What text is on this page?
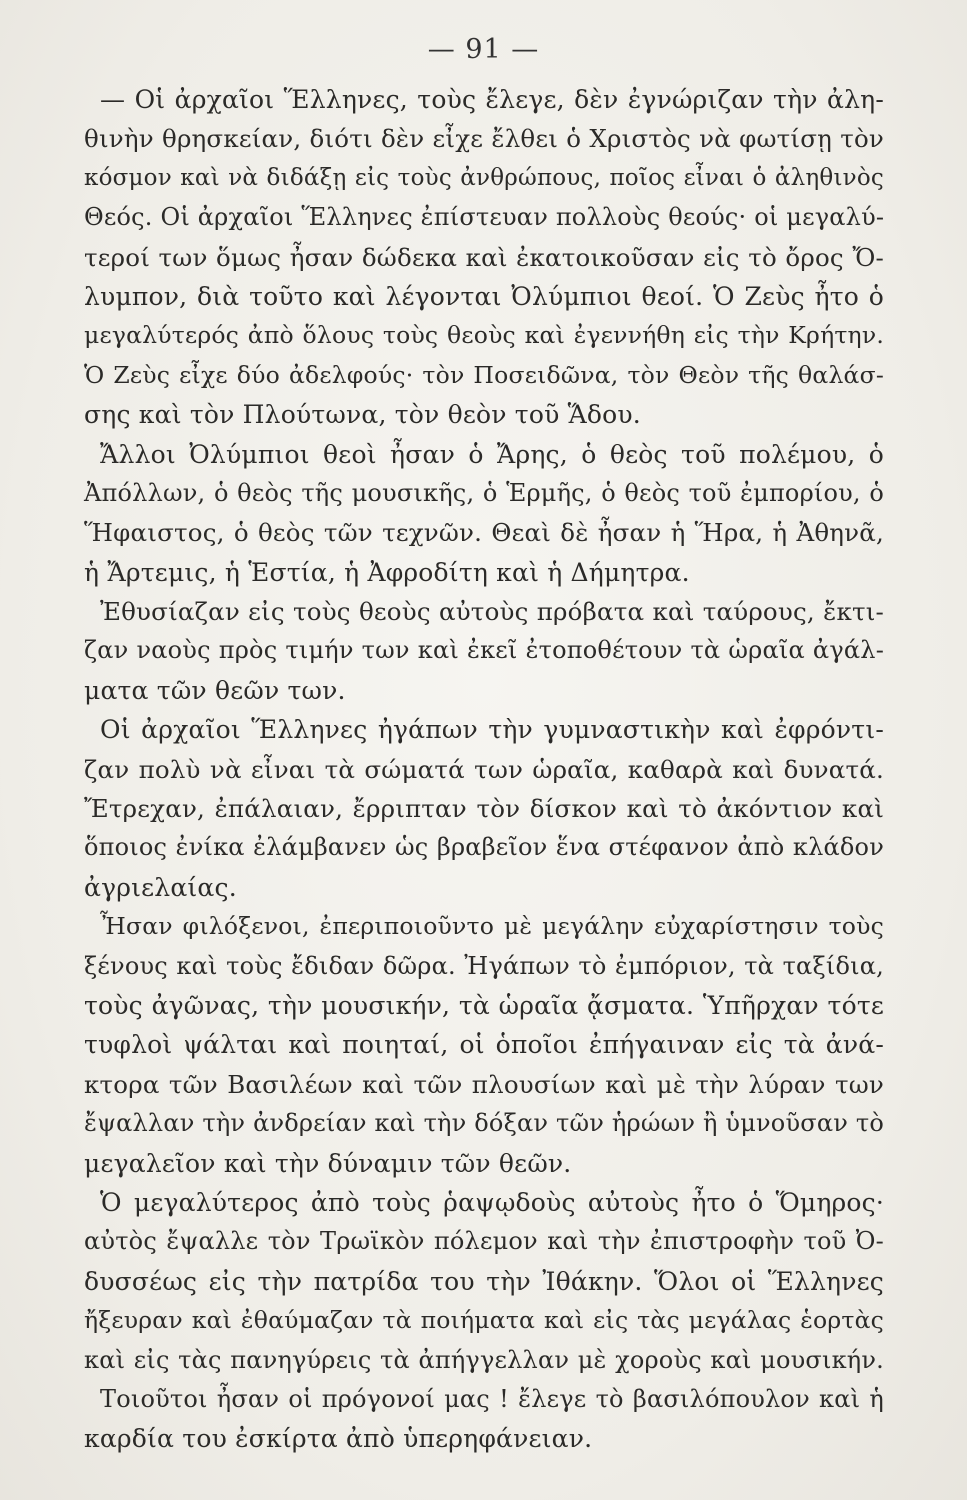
— 91 —
— Οἱ ἀρχαῖοι Ἕλληνες, τοὺς ἔλεγε, δὲν ἐγνώριζαν τὴν ἀλη-
θινὴν θρησκείαν, διότι δὲν εἶχε ἔλθει ὁ Χριστὸς νὰ φωτίσῃ τὸν
κόσμον καὶ νὰ διδάξῃ εἰς τοὺς ἀνθρώπους, ποῖος εἶναι ὁ ἀληθινὸς
Θεός. Οἱ ἀρχαῖοι Ἕλληνες ἐπίστευαν πολλοὺς θεούς· οἱ μεγαλύ-
τεροί των ὅμως ἦσαν δώδεκα καὶ ἐκατοικοῦσαν εἰς τὸ ὄρος Ὄ-
λυμπον, διὰ τοῦτο καὶ λέγονται Ὀλύμπιοι θεοί. Ὁ Ζεὺς ἦτο ὁ
μεγαλύτερός ἀπὸ ὅλους τοὺς θεοὺς καὶ ἐγεννήθη εἰς τὴν Κρήτην.
Ὁ Ζεὺς εἶχε δύο ἀδελφούς· τὸν Ποσειδῶνα, τὸν Θεὸν τῆς θαλάσ-
σης καὶ τὸν Πλούτωνα, τὸν θεὸν τοῦ Ἅδου.
Ἄλλοι Ὀλύμπιοι θεοὶ ἦσαν ὁ Ἄρης, ὁ θεὸς τοῦ πολέμου, ὁ
Ἀπόλλων, ὁ θεὸς τῆς μουσικῆς, ὁ Ἑρμῆς, ὁ θεὸς τοῦ ἐμπορίου, ὁ
Ἥφαιστος, ὁ θεὸς τῶν τεχνῶν. Θεαὶ δὲ ἦσαν ἡ Ἥρα, ἡ Ἀθηνᾶ,
ἡ Ἄρτεμις, ἡ Ἑστία, ἡ Ἀφροδίτη καὶ ἡ Δήμητρα.
Ἐθυσίαζαν εἰς τοὺς θεοὺς αὐτοὺς πρόβατα καὶ ταύρους, ἔκτι-
ζαν ναοὺς πρὸς τιμήν των καὶ ἐκεῖ ἐτοποθέτουν τὰ ὡραῖα ἀγάλ-
ματα τῶν θεῶν των.
Οἱ ἀρχαῖοι Ἕλληνες ἠγάπων τὴν γυμναστικὴν καὶ ἐφρόντι-
ζαν πολὺ νὰ εἶναι τὰ σώματά των ὡραῖα, καθαρὰ καὶ δυνατά.
Ἔτρεχαν, ἐπάλαιαν, ἔρριπταν τὸν δίσκον καὶ τὸ ἀκόντιον καὶ
ὅποιος ἐνίκα ἐλάμβανεν ὡς βραβεῖον ἕνα στέφανον ἀπὸ κλάδον
ἀγριελαίας.
Ἦσαν φιλόξενοι, ἐπεριποιοῦντο μὲ μεγάλην εὐχαρίστησιν τοὺς
ξένους καὶ τοὺς ἔδιδαν δῶρα. Ἠγάπων τὸ ἐμπόριον, τὰ ταξίδια,
τοὺς ἀγῶνας, τὴν μουσικήν, τὰ ὡραῖα ᾄσματα. Ὑπῆρχαν τότε
τυφλοὶ ψάλται καὶ ποιηταί, οἱ ὁποῖοι ἐπήγαιναν εἰς τὰ ἀνά-
κτορα τῶν Βασιλέων καὶ τῶν πλουσίων καὶ μὲ τὴν λύραν των
ἔψαλλαν τὴν ἀνδρείαν καὶ τὴν δόξαν τῶν ἡρώων ἢ ὑμνοῦσαν τὸ
μεγαλεῖον καὶ τὴν δύναμιν τῶν θεῶν.
Ὁ μεγαλύτερος ἀπὸ τοὺς ῥαψῳδοὺς αὐτοὺς ἦτο ὁ Ὅμηρος·
αὐτὸς ἔψαλλε τὸν Τρωϊκὸν πόλεμον καὶ τὴν ἐπιστροφὴν τοῦ Ὀ-
δυσσέως εἰς τὴν πατρίδα του τὴν Ἰθάκην. Ὅλοι οἱ Ἕλληνες
ἤξευραν καὶ ἐθαύμαζαν τὰ ποιήματα καὶ εἰς τὰς μεγάλας ἑορτὰς
καὶ εἰς τὰς πανηγύρεις τὰ ἀπήγγελλαν μὲ χοροὺς καὶ μουσικήν.
Τοιοῦτοι ἦσαν οἱ πρόγονοί μας ! ἔλεγε τὸ βασιλόπουλον καὶ ἡ
καρδία του ἐσκίρτα ἀπὸ ὑπερηφάνειαν.
